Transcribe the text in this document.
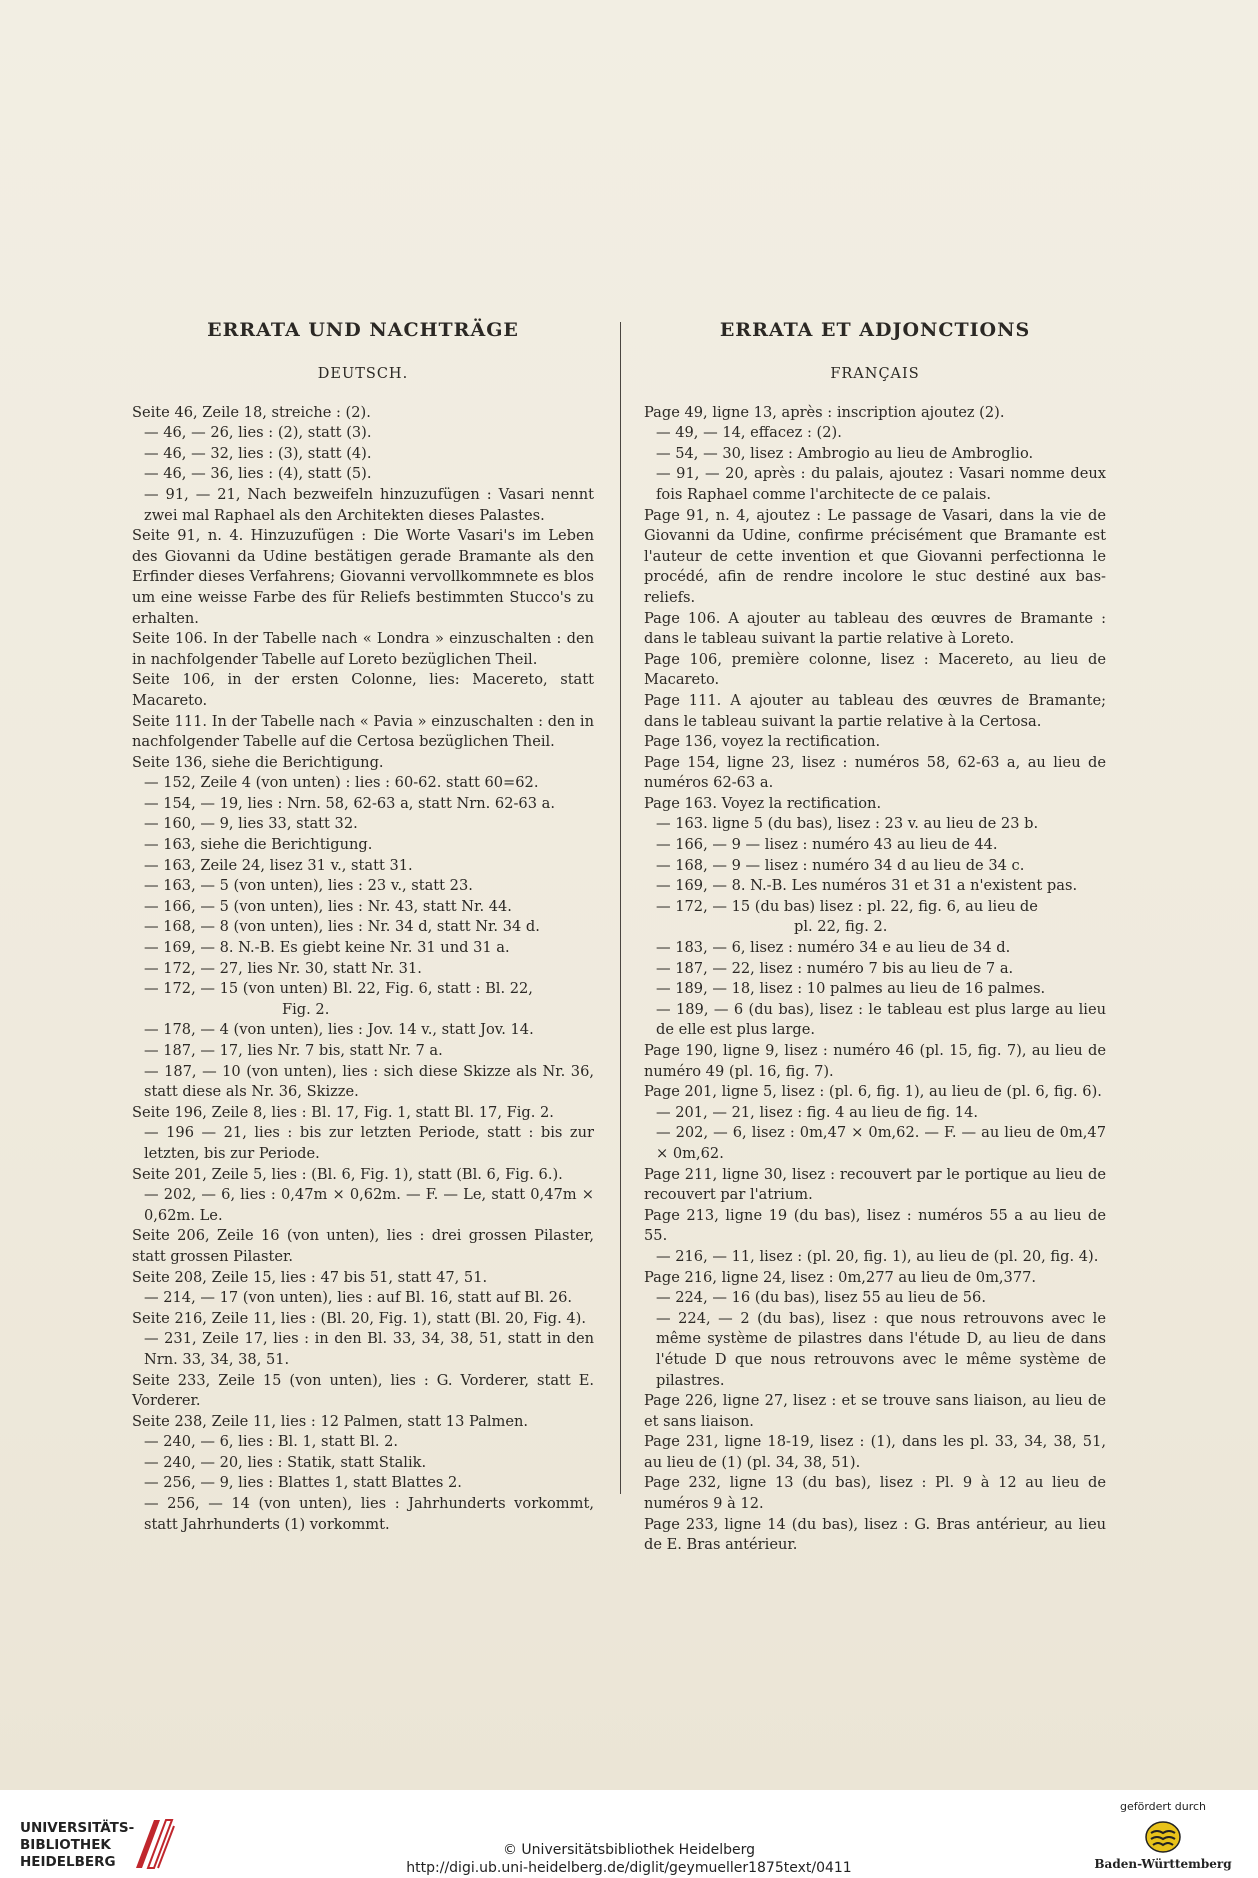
ERRATA UND NACHTRÄGE
DEUTSCH.
Seite 46, Zeile 18, streiche : (2).
— 46, — 26, lies : (2), statt (3).
— 46, — 32, lies : (3), statt (4).
— 46, — 36, lies : (4), statt (5).
— 91, — 21, Nach bezweifeln hinzuzufügen : Vasari nennt zwei mal Raphael als den Architekten dieses Palastes.
Seite 91, n. 4. Hinzuzufügen : Die Worte Vasari's im Leben des Giovanni da Udine bestätigen gerade Bramante als den Erfinder dieses Verfahrens; Giovanni vervollkommnete es blos um eine weisse Farbe des für Reliefs bestimmten Stucco's zu erhalten.
Seite 106. In der Tabelle nach « Londra » einzuschalten : den in nachfolgender Tabelle auf Loreto bezüglichen Theil.
Seite 106, in der ersten Colonne, lies: Macereto, statt Macareto.
Seite 111. In der Tabelle nach « Pavia » einzuschalten : den in nachfolgender Tabelle auf die Certosa bezüglichen Theil.
Seite 136, siehe die Berichtigung.
— 152, Zeile 4 (von unten) : lies : 60-62. statt 60=62.
— 154, — 19, lies : Nrn. 58, 62-63 a, statt Nrn. 62-63 a.
— 160, — 9, lies 33, statt 32.
— 163, siehe die Berichtigung.
— 163, Zeile 24, lisez 31 v., statt 31.
— 163, — 5 (von unten), lies : 23 v., statt 23.
— 166, — 5 (von unten), lies : Nr. 43, statt Nr. 44.
— 168, — 8 (von unten), lies : Nr. 34 d, statt Nr. 34 d.
— 169, — 8. N.-B. Es giebt keine Nr. 31 und 31 a.
— 172, — 27, lies Nr. 30, statt Nr. 31.
— 172, — 15 (von unten) Bl. 22, Fig. 6, statt : Bl. 22,
Fig. 2.
— 178, — 4 (von unten), lies : Jov. 14 v., statt Jov. 14.
— 187, — 17, lies Nr. 7 bis, statt Nr. 7 a.
— 187, — 10 (von unten), lies : sich diese Skizze als Nr. 36, statt diese als Nr. 36, Skizze.
Seite 196, Zeile 8, lies : Bl. 17, Fig. 1, statt Bl. 17, Fig. 2.
— 196 — 21, lies : bis zur letzten Periode, statt : bis zur letzten, bis zur Periode.
Seite 201, Zeile 5, lies : (Bl. 6, Fig. 1), statt (Bl. 6, Fig. 6.).
— 202, — 6, lies : 0,47m × 0,62m. — F. — Le, statt 0,47m × 0,62m. Le.
Seite 206, Zeile 16 (von unten), lies : drei grossen Pilaster, statt grossen Pilaster.
Seite 208, Zeile 15, lies : 47 bis 51, statt 47, 51.
— 214, — 17 (von unten), lies : auf Bl. 16, statt auf Bl. 26.
Seite 216, Zeile 11, lies : (Bl. 20, Fig. 1), statt (Bl. 20, Fig. 4).
— 231, Zeile 17, lies : in den Bl. 33, 34, 38, 51, statt in den Nrn. 33, 34, 38, 51.
Seite 233, Zeile 15 (von unten), lies : G. Vorderer, statt E. Vorderer.
Seite 238, Zeile 11, lies : 12 Palmen, statt 13 Palmen.
— 240, — 6, lies : Bl. 1, statt Bl. 2.
— 240, — 20, lies : Statik, statt Stalik.
— 256, — 9, lies : Blattes 1, statt Blattes 2.
— 256, — 14 (von unten), lies : Jahrhunderts vorkommt, statt Jahrhunderts (1) vorkommt.
ERRATA ET ADJONCTIONS
FRANÇAIS
Page 49, ligne 13, après : inscription ajoutez (2).
— 49, — 14, effacez : (2).
— 54, — 30, lisez : Ambrogio au lieu de Ambroglio.
— 91, — 20, après : du palais, ajoutez : Vasari nomme deux fois Raphael comme l'architecte de ce palais.
Page 91, n. 4, ajoutez : Le passage de Vasari, dans la vie de Giovanni da Udine, confirme précisément que Bramante est l'auteur de cette invention et que Giovanni perfectionna le procédé, afin de rendre incolore le stuc destiné aux bas-reliefs.
Page 106. A ajouter au tableau des œuvres de Bramante : dans le tableau suivant la partie relative à Loreto.
Page 106, première colonne, lisez : Macereto, au lieu de Macareto.
Page 111. A ajouter au tableau des œuvres de Bramante; dans le tableau suivant la partie relative à la Certosa.
Page 136, voyez la rectification.
Page 154, ligne 23, lisez : numéros 58, 62-63 a, au lieu de numéros 62-63 a.
Page 163. Voyez la rectification.
— 163. ligne 5 (du bas), lisez : 23 v. au lieu de 23 b.
— 166, — 9 — lisez : numéro 43 au lieu de 44.
— 168, — 9 — lisez : numéro 34 d au lieu de 34 c.
— 169, — 8. N.-B. Les numéros 31 et 31 a n'existent pas.
— 172, — 15 (du bas) lisez : pl. 22, fig. 6, au lieu de
pl. 22, fig. 2.
— 183, — 6, lisez : numéro 34 e au lieu de 34 d.
— 187, — 22, lisez : numéro 7 bis au lieu de 7 a.
— 189, — 18, lisez : 10 palmes au lieu de 16 palmes.
— 189, — 6 (du bas), lisez : le tableau est plus large au lieu de elle est plus large.
Page 190, ligne 9, lisez : numéro 46 (pl. 15, fig. 7), au lieu de numéro 49 (pl. 16, fig. 7).
Page 201, ligne 5, lisez : (pl. 6, fig. 1), au lieu de (pl. 6, fig. 6).
— 201, — 21, lisez : fig. 4 au lieu de fig. 14.
— 202, — 6, lisez : 0m,47 × 0m,62. — F. — au lieu de 0m,47 × 0m,62.
Page 211, ligne 30, lisez : recouvert par le portique au lieu de recouvert par l'atrium.
Page 213, ligne 19 (du bas), lisez : numéros 55 a au lieu de 55.
— 216, — 11, lisez : (pl. 20, fig. 1), au lieu de (pl. 20, fig. 4).
Page 216, ligne 24, lisez : 0m,277 au lieu de 0m,377.
— 224, — 16 (du bas), lisez 55 au lieu de 56.
— 224, — 2 (du bas), lisez : que nous retrouvons avec le même système de pilastres dans l'étude D, au lieu de dans l'étude D que nous retrouvons avec le même système de pilastres.
Page 226, ligne 27, lisez : et se trouve sans liaison, au lieu de et sans liaison.
Page 231, ligne 18-19, lisez : (1), dans les pl. 33, 34, 38, 51, au lieu de (1) (pl. 34, 38, 51).
Page 232, ligne 13 (du bas), lisez : Pl. 9 à 12 au lieu de numéros 9 à 12.
Page 233, ligne 14 (du bas), lisez : G. Bras antérieur, au lieu de E. Bras antérieur.
UNIVERSITÄTS-
BIBLIOTHEK
HEIDELBERG
© Universitätsbibliothek Heidelberg
http://digi.ub.uni-heidelberg.de/diglit/geymueller1875text/0411
gefördert durch
Baden-Württemberg
